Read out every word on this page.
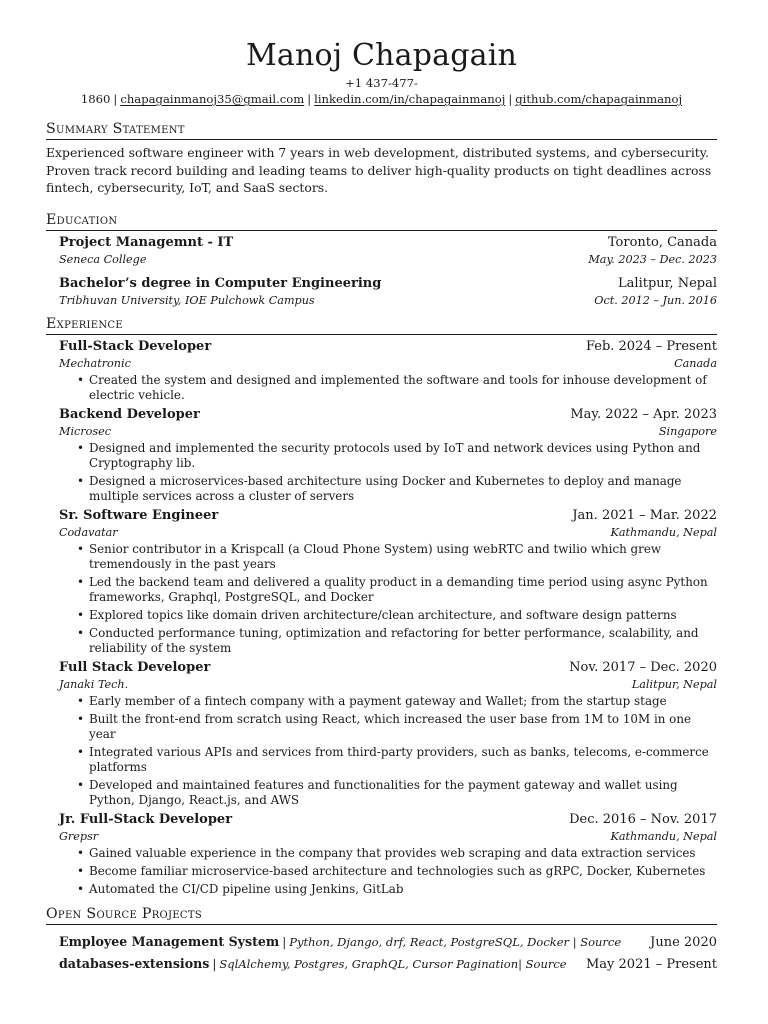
Manoj Chapagain
+1 437-477-1860 | chapagainmanoj35@gmail.com | linkedin.com/in/chapagainmanoj | github.com/chapagainmanoj
Summary Statement
Experienced software engineer with 7 years in web development, distributed systems, and cybersecurity. Proven track record building and leading teams to deliver high-quality products on tight deadlines across fintech, cybersecurity, IoT, and SaaS sectors.
Education
Project Managemnt - IT	Toronto, Canada
Seneca College	May. 2023 – Dec. 2023
Bachelor’s degree in Computer Engineering	Lalitpur, Nepal
Tribhuvan University, IOE Pulchowk Campus	Oct. 2012 – Jun. 2016
Experience
Full-Stack Developer	Feb. 2024 – Present
Mechatronic	Canada
• Created the system and designed and implemented the software and tools for inhouse development of electric vehicle.
Backend Developer	May. 2022 – Apr. 2023
Microsec	Singapore
• Designed and implemented the security protocols used by IoT and network devices using Python and Cryptography lib.
• Designed a microservices-based architecture using Docker and Kubernetes to deploy and manage multiple services across a cluster of servers
Sr. Software Engineer	Jan. 2021 – Mar. 2022
Codavatar	Kathmandu, Nepal
• Senior contributor in a Krispcall (a Cloud Phone System) using webRTC and twilio which grew tremendously in the past years
• Led the backend team and delivered a quality product in a demanding time period using async Python frameworks, Graphql, PostgreSQL, and Docker
• Explored topics like domain driven architecture/clean architecture, and software design patterns
• Conducted performance tuning, optimization and refactoring for better performance, scalability, and reliability of the system
Full Stack Developer	Nov. 2017 – Dec. 2020
Janaki Tech.	Lalitpur, Nepal
• Early member of a fintech company with a payment gateway and Wallet; from the startup stage
• Built the front-end from scratch using React, which increased the user base from 1M to 10M in one year
• Integrated various APIs and services from third-party providers, such as banks, telecoms, e-commerce platforms
• Developed and maintained features and functionalities for the payment gateway and wallet using Python, Django, React.js, and AWS
Jr. Full-Stack Developer	Dec. 2016 – Nov. 2017
Grepsr	Kathmandu, Nepal
• Gained valuable experience in the company that provides web scraping and data extraction services
• Become familiar microservice-based architecture and technologies such as gRPC, Docker, Kubernetes
• Automated the CI/CD pipeline using Jenkins, GitLab
Open Source Projects
Employee Management System | Python, Django, drf, React, PostgreSQL, Docker | Source June 2020
databases-extensions | SqlAlchemy, Postgres, GraphQL, Cursor Pagination| Source May 2021 – Present
